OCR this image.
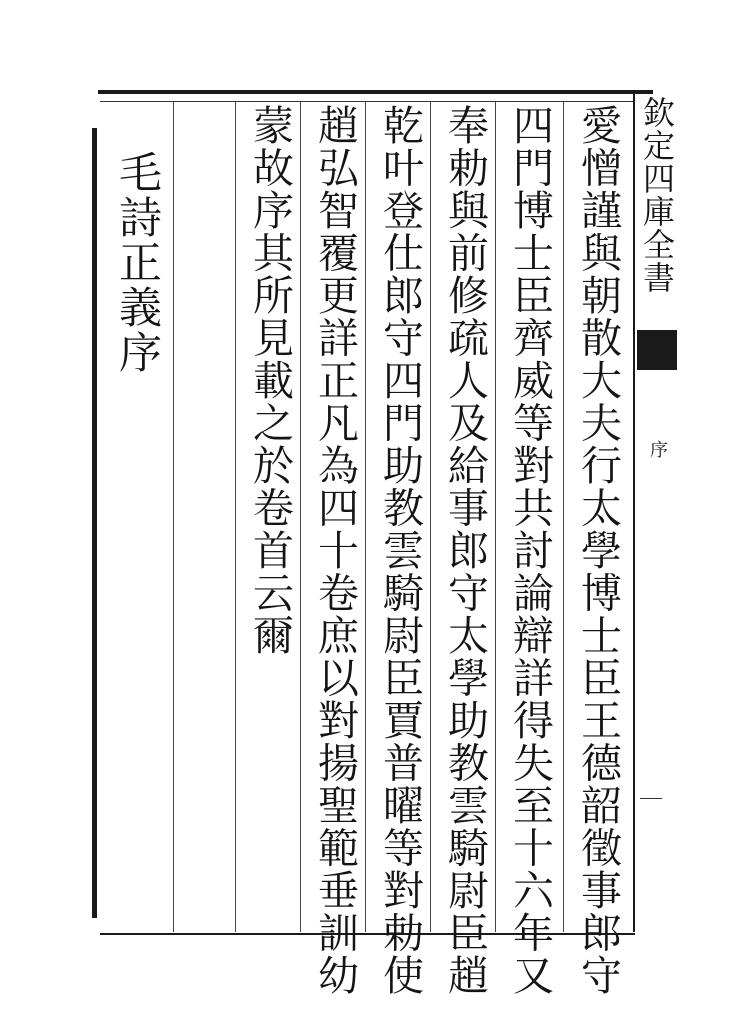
欽定四庫全書
序
愛憎謹與朝散大夫行太學博士臣王德韶徵事郎守
四門博士臣齊威等對共討論辯詳得失至十六年又
奉勅與前修疏人及給事郎守太學助教雲騎尉臣趙
乾叶登仕郎守四門助教雲騎尉臣賈普曜等對勅使
趙弘智覆更詳正凡為四十卷庶以對揚聖範垂訓幼
蒙故序其所見載之於卷首云爾
毛詩正義序
